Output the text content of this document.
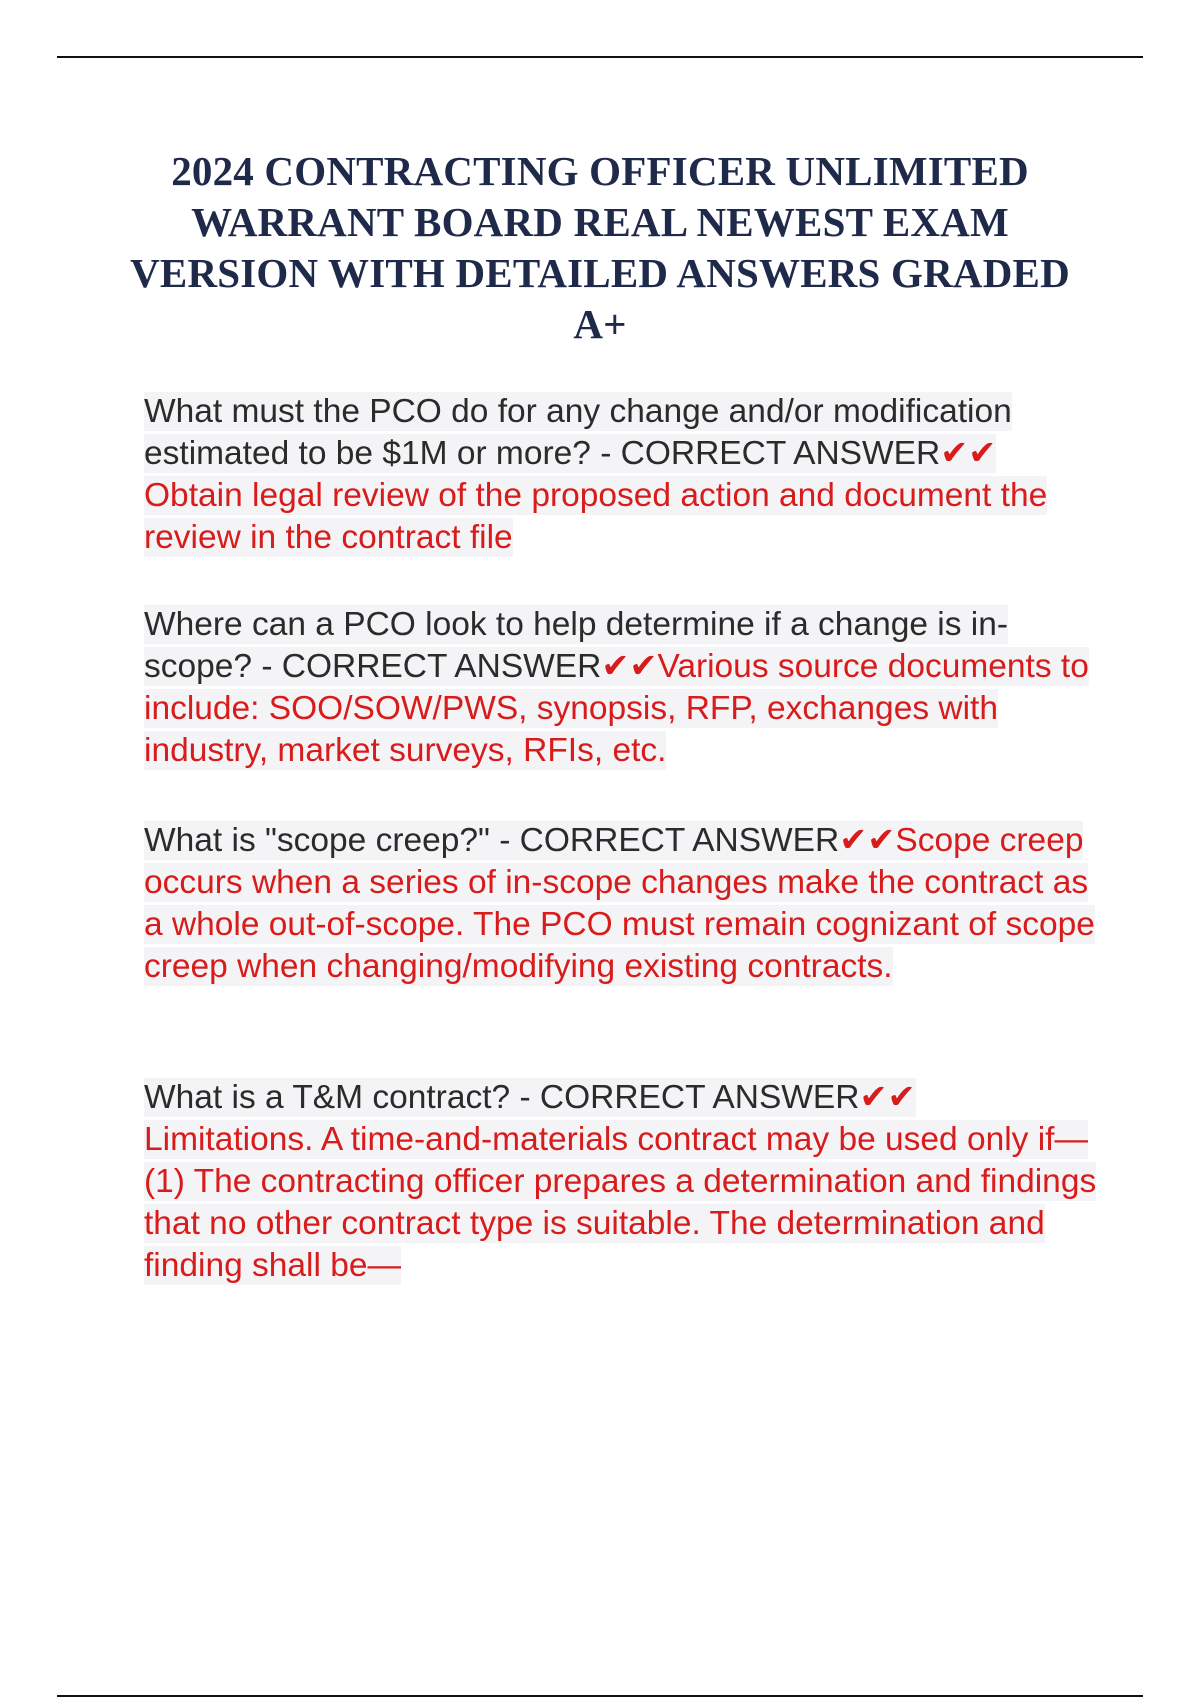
2024 CONTRACTING OFFICER UNLIMITED WARRANT BOARD REAL NEWEST EXAM VERSION WITH DETAILED ANSWERS GRADED A+

What must the PCO do for any change and/or modification estimated to be $1M or more? - CORRECT ANSWER✔✔
Obtain legal review of the proposed action and document the review in the contract file

Where can a PCO look to help determine if a change is in-scope? - CORRECT ANSWER✔✔Various source documents to include: SOO/SOW/PWS, synopsis, RFP, exchanges with industry, market surveys, RFIs, etc.

What is "scope creep?" - CORRECT ANSWER✔✔Scope creep occurs when a series of in-scope changes make the contract as a whole out-of-scope. The PCO must remain cognizant of scope creep when changing/modifying existing contracts.

What is a T&M contract? - CORRECT ANSWER✔✔
Limitations. A time-and-materials contract may be used only if—
(1) The contracting officer prepares a determination and findings that no other contract type is suitable. The determination and finding shall be—
